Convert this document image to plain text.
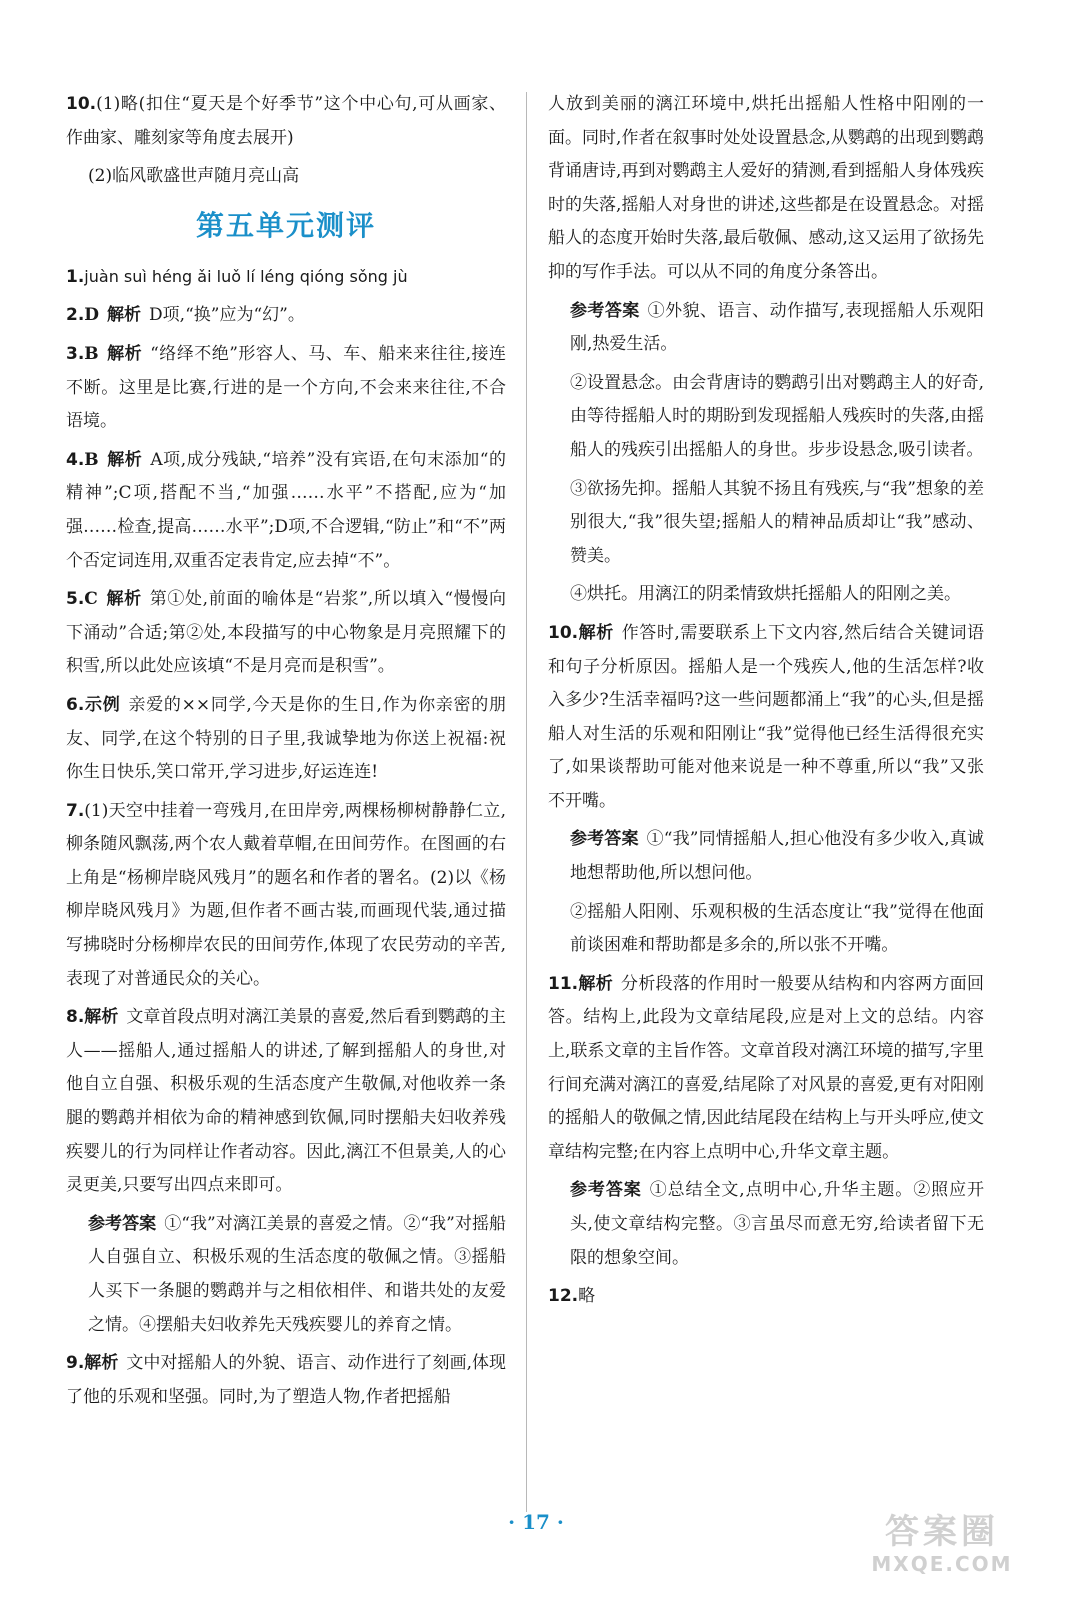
10.(1)略(扣住“夏天是个好季节”这个中心句,可从画家、作曲家、雕刻家等角度去展开)
(2)临风歌盛世声随月亮山高
第五单元测评
1.juàn suì héng ǎi luǒ lí léng qióng sǒng jù
2.D 解析 D项,“换”应为“幻”。
3.B 解析 “络绎不绝”形容人、马、车、船来来往往,接连不断。这里是比赛,行进的是一个方向,不会来来往往,不合语境。
4.B 解析 A项,成分残缺,“培养”没有宾语,在句末添加“的精神”;C项,搭配不当,“加强……水平”不搭配,应为“加强……检查,提高……水平”;D项,不合逻辑,“防止”和“不”两个否定词连用,双重否定表肯定,应去掉“不”。
5.C 解析 第①处,前面的喻体是“岩浆”,所以填入“慢慢向下涌动”合适;第②处,本段描写的中心物象是月亮照耀下的积雪,所以此处应该填“不是月亮而是积雪”。
6.示例 亲爱的××同学,今天是你的生日,作为你亲密的朋友、同学,在这个特别的日子里,我诚挚地为你送上祝福:祝你生日快乐,笑口常开,学习进步,好运连连!
7.(1)天空中挂着一弯残月,在田岸旁,两棵杨柳树静静仁立,柳条随风飘荡,两个农人戴着草帽,在田间劳作。在图画的右上角是“杨柳岸晓风残月”的题名和作者的署名。(2)以《杨柳岸晓风残月》为题,但作者不画古装,而画现代装,通过描写拂晓时分杨柳岸农民的田间劳作,体现了农民劳动的辛苦,表现了对普通民众的关心。
8.解析 文章首段点明对漓江美景的喜爱,然后看到鹦鹉的主人——摇船人,通过摇船人的讲述,了解到摇船人的身世,对他自立自强、积极乐观的生活态度产生敬佩,对他收养一条腿的鹦鹉并相依为命的精神感到钦佩,同时摆船夫妇收养残疾婴儿的行为同样让作者动容。因此,漓江不但景美,人的心灵更美,只要写出四点来即可。
参考答案 ①“我”对漓江美景的喜爱之情。②“我”对摇船人自强自立、积极乐观的生活态度的敬佩之情。③摇船人买下一条腿的鹦鹉并与之相依相伴、和谐共处的友爱之情。④摆船夫妇收养先天残疾婴儿的养育之情。
9.解析 文中对摇船人的外貌、语言、动作进行了刻画,体现了他的乐观和坚强。同时,为了塑造人物,作者把摇船
人放到美丽的漓江环境中,烘托出摇船人性格中阳刚的一面。同时,作者在叙事时处处设置悬念,从鹦鹉的出现到鹦鹉背诵唐诗,再到对鹦鹉主人爱好的猜测,看到摇船人身体残疾时的失落,摇船人对身世的讲述,这些都是在设置悬念。对摇船人的态度开始时失落,最后敬佩、感动,这又运用了欲扬先抑的写作手法。可以从不同的角度分条答出。
参考答案 ①外貌、语言、动作描写,表现摇船人乐观阳刚,热爱生活。
②设置悬念。由会背唐诗的鹦鹉引出对鹦鹉主人的好奇,由等待摇船人时的期盼到发现摇船人残疾时的失落,由摇船人的残疾引出摇船人的身世。步步设悬念,吸引读者。
③欲扬先抑。摇船人其貌不扬且有残疾,与“我”想象的差别很大,“我”很失望;摇船人的精神品质却让“我”感动、赞美。
④烘托。用漓江的阴柔情致烘托摇船人的阳刚之美。
10.解析 作答时,需要联系上下文内容,然后结合关键词语和句子分析原因。摇船人是一个残疾人,他的生活怎样?收入多少?生活幸福吗?这一些问题都涌上“我”的心头,但是摇船人对生活的乐观和阳刚让“我”觉得他已经生活得很充实了,如果谈帮助可能对他来说是一种不尊重,所以“我”又张不开嘴。
参考答案 ①“我”同情摇船人,担心他没有多少收入,真诚地想帮助他,所以想问他。
②摇船人阳刚、乐观积极的生活态度让“我”觉得在他面前谈困难和帮助都是多余的,所以张不开嘴。
11.解析 分析段落的作用时一般要从结构和内容两方面回答。结构上,此段为文章结尾段,应是对上文的总结。内容上,联系文章的主旨作答。文章首段对漓江环境的描写,字里行间充满对漓江的喜爱,结尾除了对风景的喜爱,更有对阳刚的摇船人的敬佩之情,因此结尾段在结构上与开头呼应,使文章结构完整;在内容上点明中心,升华文章主题。
参考答案 ①总结全文,点明中心,升华主题。②照应开头,使文章结构完整。③言虽尽而意无穷,给读者留下无限的想象空间。
12.略
· 17 ·	答案圈
MXQE.COM
